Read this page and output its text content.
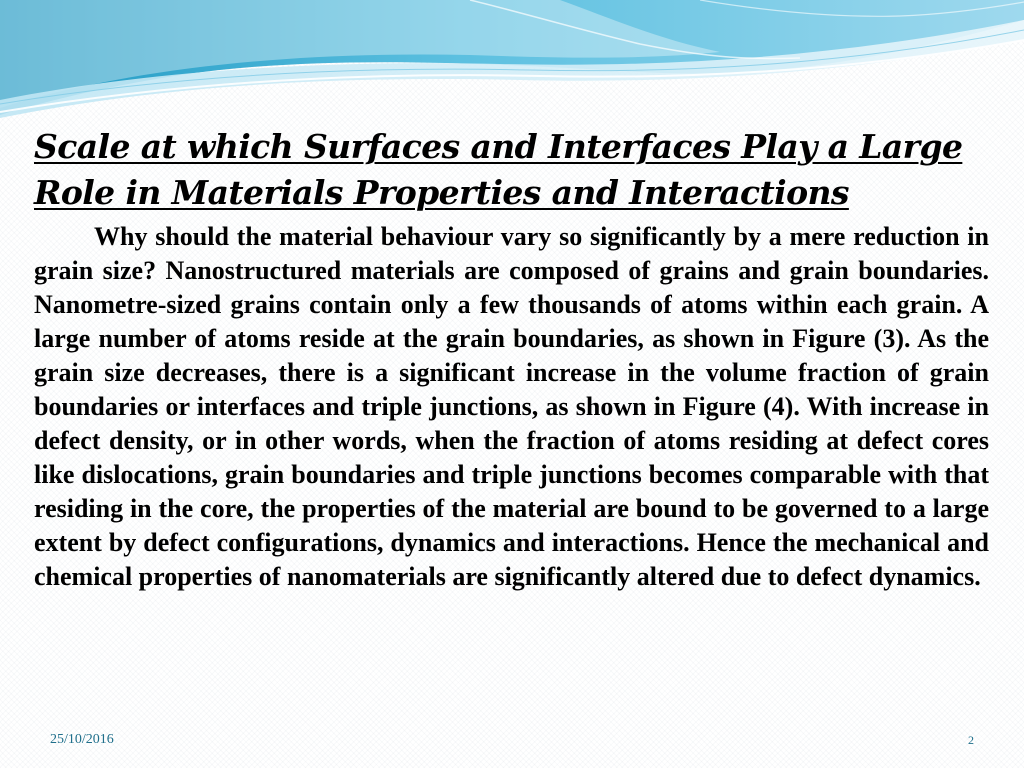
Scale at which Surfaces and Interfaces Play a Large Role in Materials Properties and Interactions

Why should the material behaviour vary so significantly by a mere reduction in grain size? Nanostructured materials are composed of grains and grain boundaries. Nanometre-sized grains contain only a few thousands of atoms within each grain. A large number of atoms reside at the grain boundaries, as shown in Figure (3). As the grain size decreases, there is a significant increase in the volume fraction of grain boundaries or interfaces and triple junctions, as shown in Figure (4). With increase in defect density, or in other words, when the fraction of atoms residing at defect cores like dislocations, grain boundaries and triple junctions becomes comparable with that residing in the core, the properties of the material are bound to be governed to a large extent by defect configurations, dynamics and interactions. Hence the mechanical and chemical properties of nanomaterials are significantly altered due to defect dynamics.

25/10/2016	2
